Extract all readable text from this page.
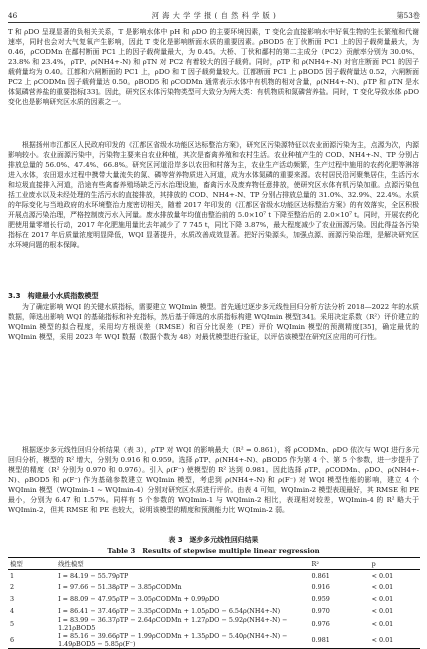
46	河 海 大 学 学 报 ( 自 然 科 学 版 )	第53卷

T 和 ρDO 呈现显著的负相关关系，T 是影响水体中 pH 和 ρDO 的主要环境因素，T 变化会直接影响水中好氧生物的生长繁殖和代谢速率，同时也会对大气复氧产生影响，因此 T 变化是影响断面水质的重要因素。ρBOD5 在丁伙断面 PC1 上的因子载荷量最大，为 0.46，ρCODMn 在鄱村断面 PC1 上的因子载荷量最大，为 0.45。大桥、丁伙和鄱村的第二主成分（PC2）贡献率分别为 30.0%、23.8% 和 23.4%，ρTP、ρ(NH4+-N) 和 ρTN 对 PC2 有着较大的因子载荷。同时，ρTP 和 ρ(NH4+-N) 对官庄断面 PC1 的因子载荷量均为 0.40。江都和六闸断面的 PC1 上，ρDO 和 T 因子载荷量较大。江都断面 PC1 上 ρBOD5 因子载荷量达 0.52，六闸断面 PC2 上 ρCODMn 因子载荷量达 0.50。ρBOD5 和 ρCODMn 通常表示水体中有机物的相对含量，ρ(NH4+-N)、ρTP 和 ρTN 是水体氮磷营养盐的重要指标[33]。因此，研究区水体污染物类型可大致分为两大类：有机物质和氮磷营养盐。同时，T 变化导致水体 ρDO 变化也是影响研究区水质的因素之一。

根据扬州市江都区人民政府印发的《江都区省级水功能区达标整治方案》，研究区污染源特征以农业面源污染为主，点源为次，内源影响较小。农业面源污染中，污染物主要来自农业种植，其次是畜禽养殖和农村生活。农业种植产生的 COD、NH4+-N、TP 分别占排放总量的 56.0%、47.4%、66.8%。研究区河道沿岸多以农田和村落为主，农业生产活动频繁，生产过程中施用的农药化肥等淋溶进入水体，农田退水过程中携带大量流失的氮、磷等营养物质进入河道，成为水体氮磷的重要来源。农村居民沿河聚集居住，生活污水和垃圾直接排入河道，沿途有些禽畜养殖场缺乏污水治理设施，畜禽污水及废弃物任意排放，使研究区水体有机污染加重。点源污染包括工业废水以及未经处理的生活污水的直接排放，其排放的 COD、NH4+-N、TP 分别占排放总量的 31.0%、32.9%、22.4%。水质的年际变化与当地政府的水环境整治力度密切相关，随着 2017 年印发的《江都区省级水功能区达标整治方案》的有效落实，全区积极开展点源污染治理，严格控制废污水入河量。废水排放量年均值由整治前的 5.0×10⁷ t 下降至整治后的 2.0×10⁷ t。同时，开展农药化肥使用量零增长行动，2017 年化肥施用量比去年减少了 7 745 t，同比下降 3.87%，最大程度减少了农业面源污染。因此得益各污染指标在 2017 年后质量浓度明显降低，WQI 显著提升，水质改善成效显著。把好污染源头，加强点源、面源污染治理，是解决研究区水环境问题的根本保障。

3.3　构建最小水质指数模型

为了确定影响 WQI 的关键水质指标，需要建立 WQImin 模型。首先通过逐步多元线性回归分析方法分析 2018—2022 年的水质数据，筛选出影响 WQI 的基础指标和补充指标，然后基于筛选的水质指标构建 WQImin 模型[34]。采用决定系数（R²）评价建立的 WQImin 模型的拟合程度，采用均方根误差（RMSE）和百分比误差（PE）评价 WQImin 模型的预测精度[35]，确定最优的 WQImin 模型，采用 2023 年 WQI 数据（数据个数为 48）对最优模型进行验证，以评估该模型在研究区应用的可行性。

根据逐步多元线性回归分析结果（表 3），ρTP 对 WQI 的影响最大（R² = 0.861），将 ρCODMn、ρDO 依次与 WQI 进行多元回归分析，模型的 R² 增大，分别为 0.916 和 0.959。选择 ρTP、ρ(NH4+-N)、ρBOD5 作为第 4 个、第 5 个参数，进一步提升了模型的精度（R² 分别为 0.970 和 0.976）。引入 ρ(F⁻) 使模型的 R² 达到 0.981。因此选择 ρTP、ρCODMn、ρDO、ρ(NH4+-N)、ρBOD5 和 ρ(F⁻) 作为基础参数建立 WQImin 模型，考虑到 ρ(NH4+-N) 和 ρ(F⁻) 对 WQI 模型性能的影响，建立 4 个 WQImin 模型（WQImin-1 ~ WQImin-4）分别对研究区水质进行评价。由表 4 可知，WQImin-2 模型表现最好，其 RMSE 和 PE 最小，分别为 6.47 和 1.57%。同样有 5 个参数的 WQImin-1 与 WQImin-2 相比，表现相对较差，WQImin-4 的 R² 略大于 WQImin-2，但其 RMSE 和 PE 也较大，说明该模型的精度和预测能力比 WQImin-2 弱。

表 3　逐步多元线性回归结果
Table 3　Results of stepwise multiple linear regression
模型	线性模型	R²	p
1	I = 84.19 − 55.79ρTP	0.861	< 0.01
2	I = 97.66 − 51.38ρTP − 3.85ρCODMn	0.916	< 0.01
3	I = 88.09 − 47.95ρTP − 3.05ρCODMn + 0.99ρDO	0.959	< 0.01
4	I = 86.41 − 37.46ρTP − 3.35ρCODMn + 1.05ρDO − 6.54ρ(NH4+-N)	0.970	< 0.01
5	I = 83.99 − 36.37ρTP − 2.64ρCODMn + 1.27ρDO − 5.92ρ(NH4+-N) − 1.21ρBOD5	0.976	< 0.01
6	I = 85.16 − 39.66ρTP − 1.99ρCODMn + 1.35ρDO − 5.40ρ(NH4+-N) − 1.49ρBOD5 − 5.85ρ(F⁻)	0.981	< 0.01
